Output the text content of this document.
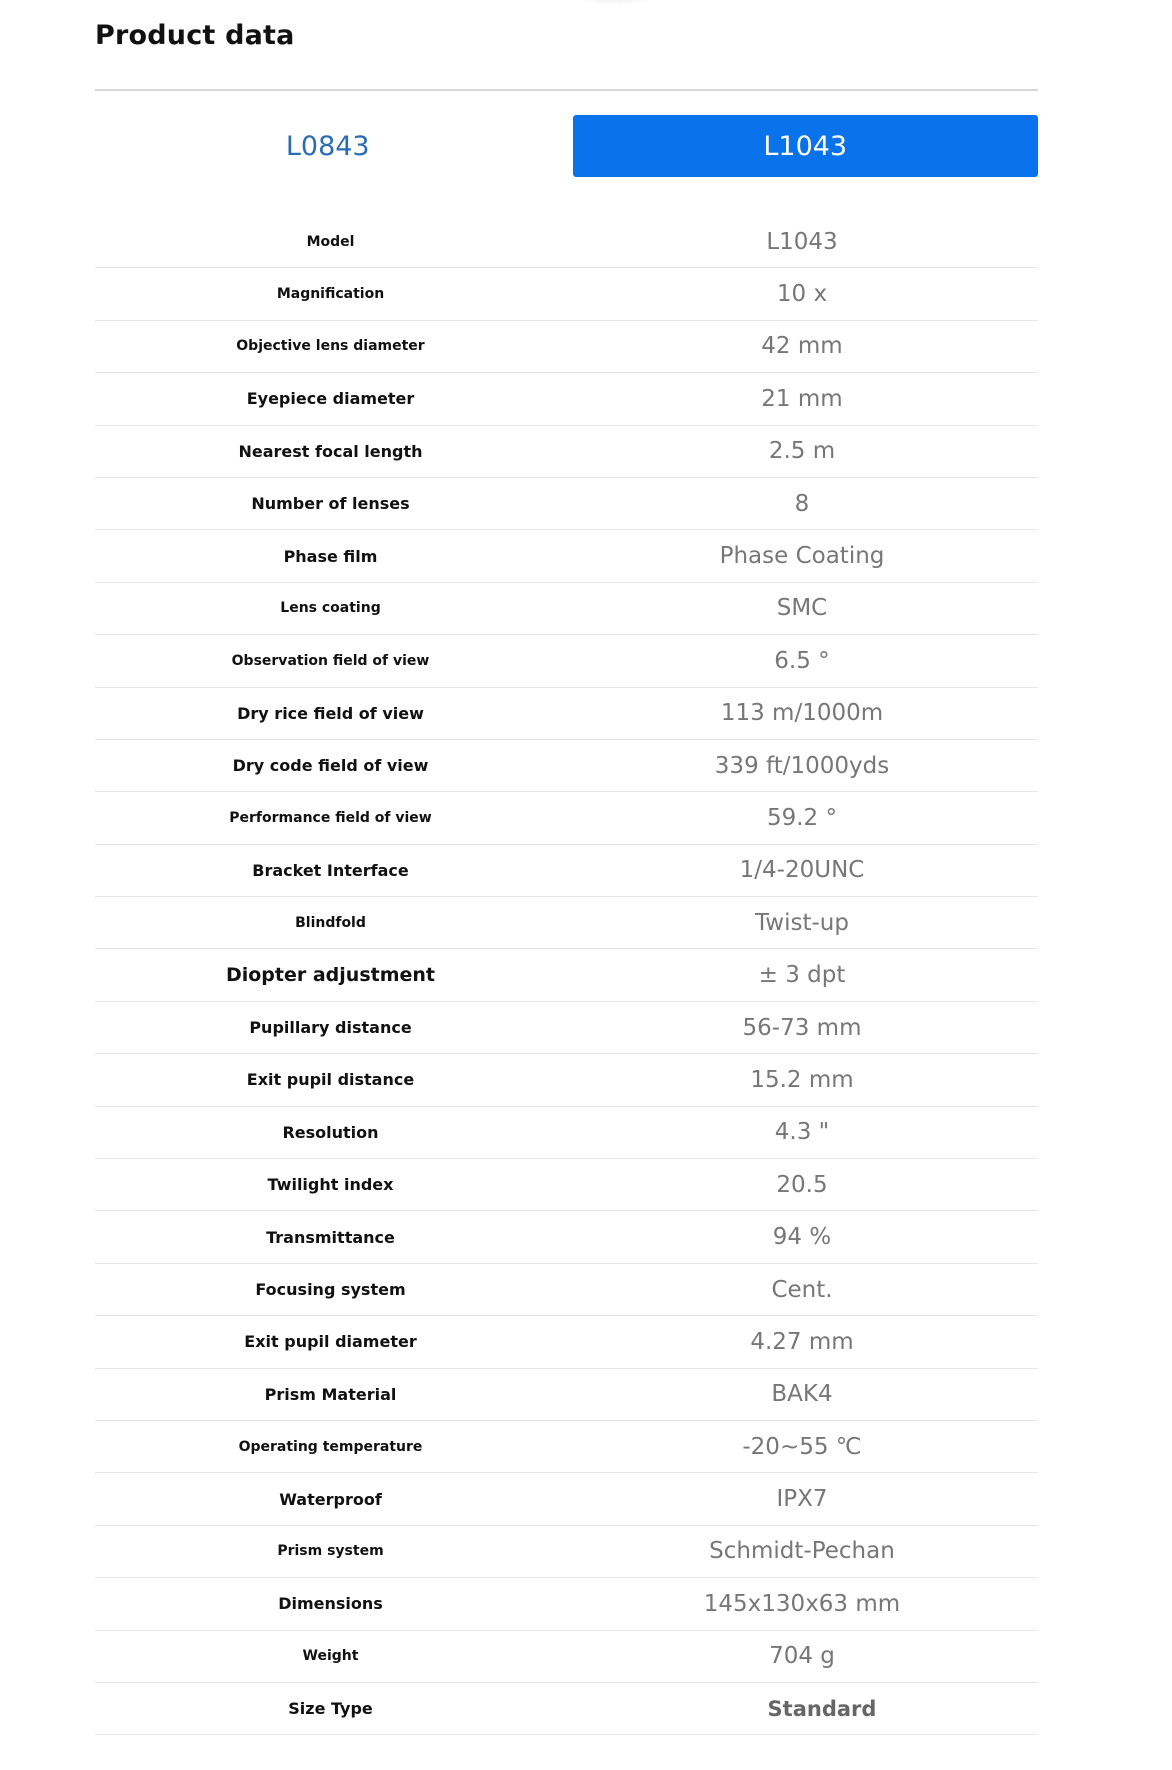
Product data
L0843	L1043
Model	L1043
Magnification	10 x
Objective lens diameter	42 mm
Eyepiece diameter	21 mm
Nearest focal length	2.5 m
Number of lenses	8
Phase film	Phase Coating
Lens coating	SMC
Observation field of view	6.5 °
Dry rice field of view	113 m/1000m
Dry code field of view	339 ft/1000yds
Performance field of view	59.2 °
Bracket Interface	1/4-20UNC
Blindfold	Twist-up
Diopter adjustment	± 3 dpt
Pupillary distance	56-73 mm
Exit pupil distance	15.2 mm
Resolution	4.3 "
Twilight index	20.5
Transmittance	94 %
Focusing system	Cent.
Exit pupil diameter	4.27 mm
Prism Material	BAK4
Operating temperature	-20~55 ℃
Waterproof	IPX7
Prism system	Schmidt-Pechan
Dimensions	145x130x63 mm
Weight	704 g
Size Type	Standard
